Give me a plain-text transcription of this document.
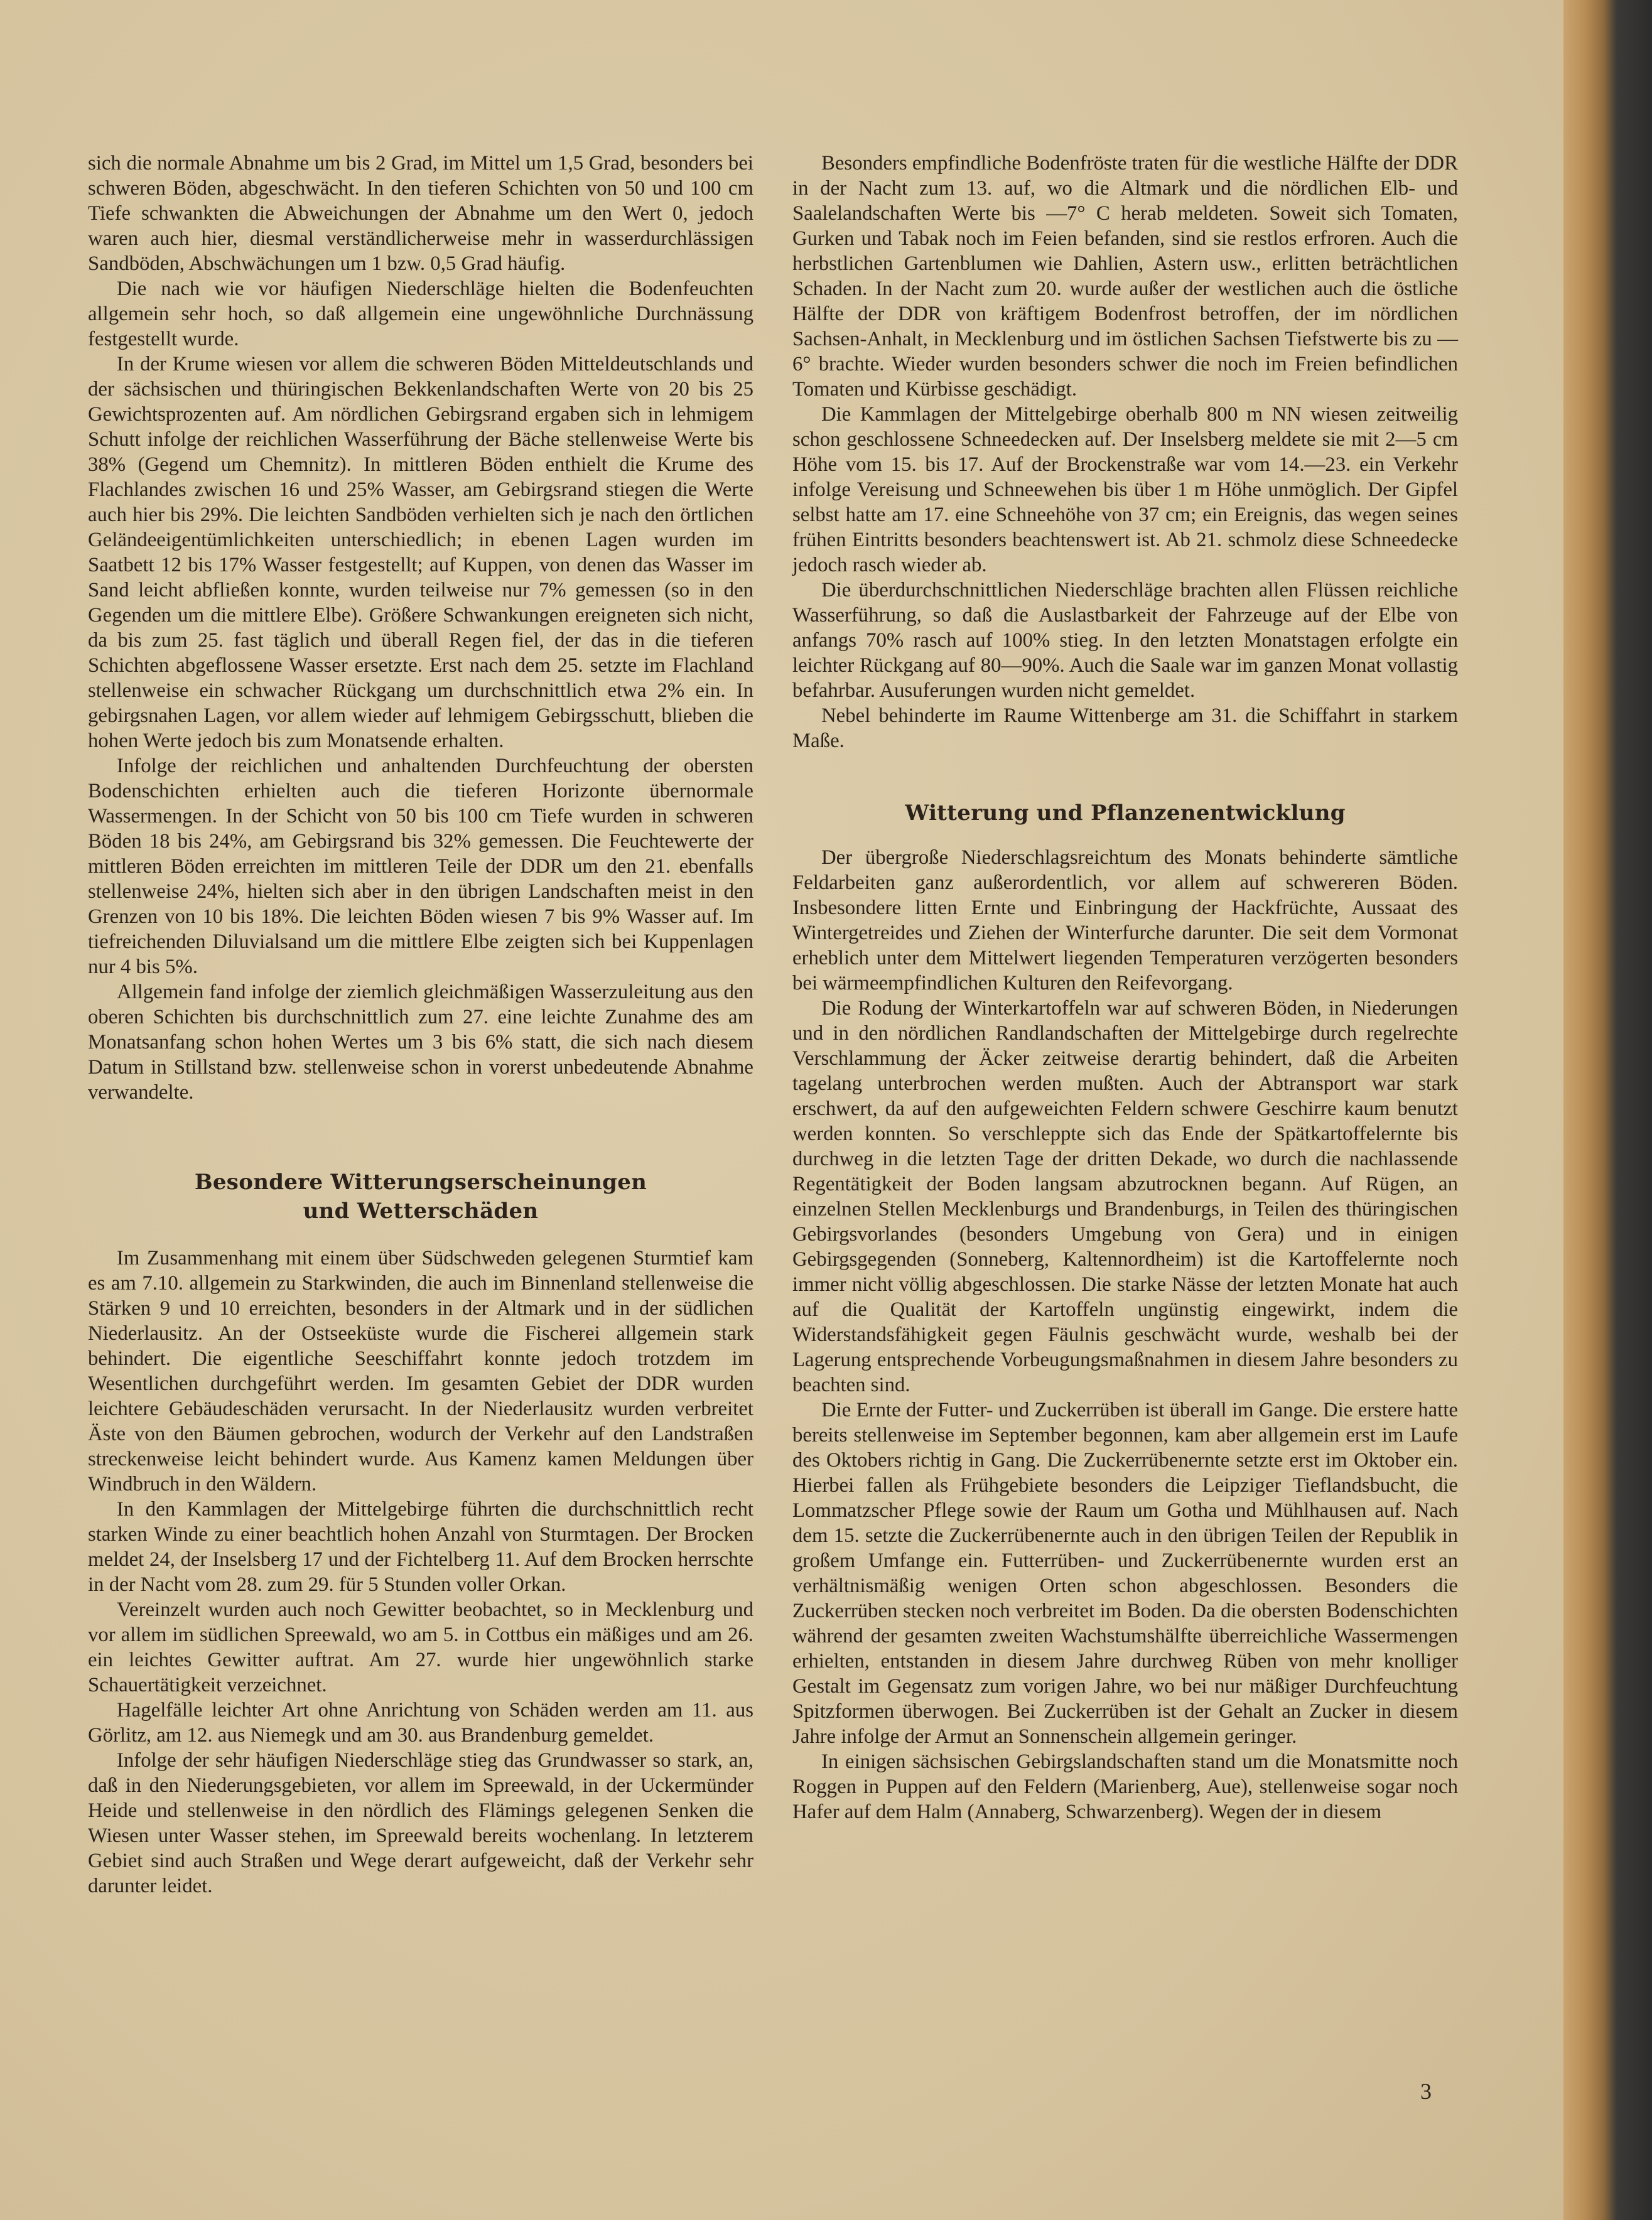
sich die normale Abnahme um bis 2 Grad, im Mittel um 1,5 Grad, besonders bei schweren Böden, abgeschwächt. In den tieferen Schichten von 50 und 100 cm Tiefe schwankten die Abweichungen der Abnahme um den Wert 0, jedoch waren auch hier, diesmal verständlicherweise mehr in wasserdurchlässigen Sandböden, Abschwächungen um 1 bzw. 0,5 Grad häufig.

Die nach wie vor häufigen Niederschläge hielten die Bodenfeuchten allgemein sehr hoch, so daß allgemein eine ungewöhnliche Durchnässung festgestellt wurde.

In der Krume wiesen vor allem die schweren Böden Mitteldeutschlands und der sächsischen und thüringischen Bekkenlandschaften Werte von 20 bis 25 Gewichtsprozenten auf. Am nördlichen Gebirgsrand ergaben sich in lehmigem Schutt infolge der reichlichen Wasserführung der Bäche stellenweise Werte bis 38% (Gegend um Chemnitz). In mittleren Böden enthielt die Krume des Flachlandes zwischen 16 und 25% Wasser, am Gebirgsrand stiegen die Werte auch hier bis 29%. Die leichten Sandböden verhielten sich je nach den örtlichen Geländeeigentümlichkeiten unterschiedlich; in ebenen Lagen wurden im Saatbett 12 bis 17% Wasser festgestellt; auf Kuppen, von denen das Wasser im Sand leicht abfließen konnte, wurden teilweise nur 7% gemessen (so in den Gegenden um die mittlere Elbe). Größere Schwankungen ereigneten sich nicht, da bis zum 25. fast täglich und überall Regen fiel, der das in die tieferen Schichten abgeflossene Wasser ersetzte. Erst nach dem 25. setzte im Flachland stellenweise ein schwacher Rückgang um durchschnittlich etwa 2% ein. In gebirgsnahen Lagen, vor allem wieder auf lehmigem Gebirgsschutt, blieben die hohen Werte jedoch bis zum Monatsende erhalten.

Infolge der reichlichen und anhaltenden Durchfeuchtung der obersten Bodenschichten erhielten auch die tieferen Horizonte übernormale Wassermengen. In der Schicht von 50 bis 100 cm Tiefe wurden in schweren Böden 18 bis 24%, am Gebirgsrand bis 32% gemessen. Die Feuchtewerte der mittleren Böden erreichten im mittleren Teile der DDR um den 21. ebenfalls stellenweise 24%, hielten sich aber in den übrigen Landschaften meist in den Grenzen von 10 bis 18%. Die leichten Böden wiesen 7 bis 9% Wasser auf. Im tiefreichenden Diluvialsand um die mittlere Elbe zeigten sich bei Kuppenlagen nur 4 bis 5%.

Allgemein fand infolge der ziemlich gleichmäßigen Wasserzuleitung aus den oberen Schichten bis durchschnittlich zum 27. eine leichte Zunahme des am Monatsanfang schon hohen Wertes um 3 bis 6% statt, die sich nach diesem Datum in Stillstand bzw. stellenweise schon in vorerst unbedeutende Abnahme verwandelte.

Besondere Witterungserscheinungen
und Wetterschäden

Im Zusammenhang mit einem über Südschweden gelegenen Sturmtief kam es am 7.10. allgemein zu Starkwinden, die auch im Binnenland stellenweise die Stärken 9 und 10 erreichten, besonders in der Altmark und in der südlichen Niederlausitz. An der Ostseeküste wurde die Fischerei allgemein stark behindert. Die eigentliche Seeschiffahrt konnte jedoch trotzdem im Wesentlichen durchgeführt werden. Im gesamten Gebiet der DDR wurden leichtere Gebäudeschäden verursacht. In der Niederlausitz wurden verbreitet Äste von den Bäumen gebrochen, wodurch der Verkehr auf den Landstraßen streckenweise leicht behindert wurde. Aus Kamenz kamen Meldungen über Windbruch in den Wäldern.

In den Kammlagen der Mittelgebirge führten die durchschnittlich recht starken Winde zu einer beachtlich hohen Anzahl von Sturmtagen. Der Brocken meldet 24, der Inselsberg 17 und der Fichtelberg 11. Auf dem Brocken herrschte in der Nacht vom 28. zum 29. für 5 Stunden voller Orkan.

Vereinzelt wurden auch noch Gewitter beobachtet, so in Mecklenburg und vor allem im südlichen Spreewald, wo am 5. in Cottbus ein mäßiges und am 26. ein leichtes Gewitter auftrat. Am 27. wurde hier ungewöhnlich starke Schauertätigkeit verzeichnet.

Hagelfälle leichter Art ohne Anrichtung von Schäden werden am 11. aus Görlitz, am 12. aus Niemegk und am 30. aus Brandenburg gemeldet.

Infolge der sehr häufigen Niederschläge stieg das Grundwasser so stark, an, daß in den Niederungsgebieten, vor allem im Spreewald, in der Uckermünder Heide und stellenweise in den nördlich des Flämings gelegenen Senken die Wiesen unter Wasser stehen, im Spreewald bereits wochenlang. In letzterem Gebiet sind auch Straßen und Wege derart aufgeweicht, daß der Verkehr sehr darunter leidet.

Besonders empfindliche Bodenfröste traten für die westliche Hälfte der DDR in der Nacht zum 13. auf, wo die Altmark und die nördlichen Elb- und Saalelandschaften Werte bis —7° C herab meldeten. Soweit sich Tomaten, Gurken und Tabak noch im Feien befanden, sind sie restlos erfroren. Auch die herbstlichen Gartenblumen wie Dahlien, Astern usw., erlitten beträchtlichen Schaden. In der Nacht zum 20. wurde außer der westlichen auch die östliche Hälfte der DDR von kräftigem Bodenfrost betroffen, der im nördlichen Sachsen-Anhalt, in Mecklenburg und im östlichen Sachsen Tiefstwerte bis zu —6° brachte. Wieder wurden besonders schwer die noch im Freien befindlichen Tomaten und Kürbisse geschädigt.

Die Kammlagen der Mittelgebirge oberhalb 800 m NN wiesen zeitweilig schon geschlossene Schneedecken auf. Der Inselsberg meldete sie mit 2—5 cm Höhe vom 15. bis 17. Auf der Brockenstraße war vom 14.—23. ein Verkehr infolge Vereisung und Schneewehen bis über 1 m Höhe unmöglich. Der Gipfel selbst hatte am 17. eine Schneehöhe von 37 cm; ein Ereignis, das wegen seines frühen Eintritts besonders beachtenswert ist. Ab 21. schmolz diese Schneedecke jedoch rasch wieder ab.

Die überdurchschnittlichen Niederschläge brachten allen Flüssen reichliche Wasserführung, so daß die Auslastbarkeit der Fahrzeuge auf der Elbe von anfangs 70% rasch auf 100% stieg. In den letzten Monatstagen erfolgte ein leichter Rückgang auf 80—90%. Auch die Saale war im ganzen Monat vollastig befahrbar. Ausuferungen wurden nicht gemeldet.

Nebel behinderte im Raume Wittenberge am 31. die Schiffahrt in starkem Maße.

Witterung und Pflanzenentwicklung

Der übergroße Niederschlagsreichtum des Monats behinderte sämtliche Feldarbeiten ganz außerordentlich, vor allem auf schwereren Böden. Insbesondere litten Ernte und Einbringung der Hackfrüchte, Aussaat des Wintergetreides und Ziehen der Winterfurche darunter. Die seit dem Vormonat erheblich unter dem Mittelwert liegenden Temperaturen verzögerten besonders bei wärmeempfindlichen Kulturen den Reifevorgang.

Die Rodung der Winterkartoffeln war auf schweren Böden, in Niederungen und in den nördlichen Randlandschaften der Mittelgebirge durch regelrechte Verschlammung der Äcker zeitweise derartig behindert, daß die Arbeiten tagelang unterbrochen werden mußten. Auch der Abtransport war stark erschwert, da auf den aufgeweichten Feldern schwere Geschirre kaum benutzt werden konnten. So verschleppte sich das Ende der Spätkartoffelernte bis durchweg in die letzten Tage der dritten Dekade, wo durch die nachlassende Regentätigkeit der Boden langsam abzutrocknen begann. Auf Rügen, an einzelnen Stellen Mecklenburgs und Brandenburgs, in Teilen des thüringischen Gebirgsvorlandes (besonders Umgebung von Gera) und in einigen Gebirgsgegenden (Sonneberg, Kaltennordheim) ist die Kartoffelernte noch immer nicht völlig abgeschlossen. Die starke Nässe der letzten Monate hat auch auf die Qualität der Kartoffeln ungünstig eingewirkt, indem die Widerstandsfähigkeit gegen Fäulnis geschwächt wurde, weshalb bei der Lagerung entsprechende Vorbeugungsmaßnahmen in diesem Jahre besonders zu beachten sind.

Die Ernte der Futter- und Zuckerrüben ist überall im Gange. Die erstere hatte bereits stellenweise im September begonnen, kam aber allgemein erst im Laufe des Oktobers richtig in Gang. Die Zuckerrübenernte setzte erst im Oktober ein. Hierbei fallen als Frühgebiete besonders die Leipziger Tieflandsbucht, die Lommatzscher Pflege sowie der Raum um Gotha und Mühlhausen auf. Nach dem 15. setzte die Zuckerrübenernte auch in den übrigen Teilen der Republik in großem Umfange ein. Futterrüben- und Zuckerrübenernte wurden erst an verhältnismäßig wenigen Orten schon abgeschlossen. Besonders die Zuckerrüben stecken noch verbreitet im Boden. Da die obersten Bodenschichten während der gesamten zweiten Wachstumshälfte überreichliche Wassermengen erhielten, entstanden in diesem Jahre durchweg Rüben von mehr knolliger Gestalt im Gegensatz zum vorigen Jahre, wo bei nur mäßiger Durchfeuchtung Spitzformen überwogen. Bei Zuckerrüben ist der Gehalt an Zucker in diesem Jahre infolge der Armut an Sonnenschein allgemein geringer.

In einigen sächsischen Gebirgslandschaften stand um die Monatsmitte noch Roggen in Puppen auf den Feldern (Marienberg, Aue), stellenweise sogar noch Hafer auf dem Halm (Annaberg, Schwarzenberg). Wegen der in diesem

3
